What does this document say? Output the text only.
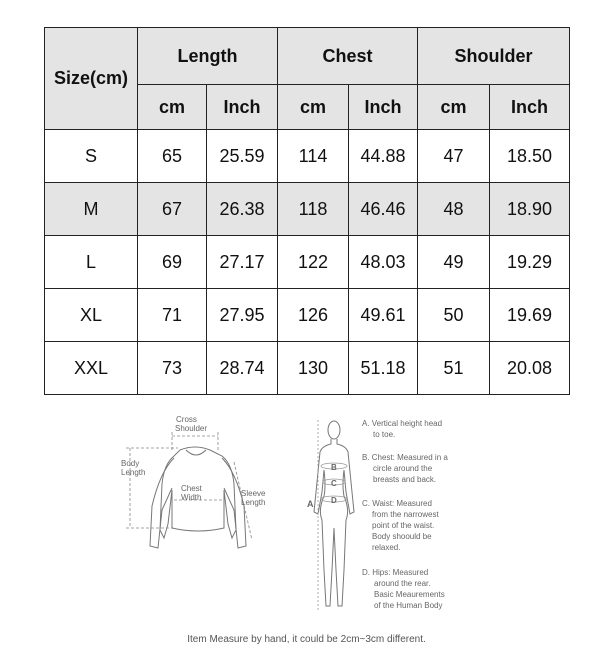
Size(cm)	Length		Chest		Shoulder	
	cm	Inch	cm	Inch	cm	Inch
S	65	25.59	114	44.88	47	18.50
M	67	26.38	118	46.46	48	18.90
L	69	27.17	122	48.03	49	19.29
XL	71	27.95	126	49.61	50	19.69
XXL	73	28.74	130	51.18	51	20.08
Cross
Shoulder
Body
Length
Chest
Width	Sleeve
Length	A
B
C
D
A. Vertical height head
to toe.
B. Chest: Measured in a
circle around the
breasts and back.
C. Waist: Measured
from the narrowest
point of the waist.
Body shoould be
relaxed.
D. Hips: Measured
around the rear.
Basic Meaurements
of the Human Body
Item Measure by hand, it could be 2cm~3cm different.
